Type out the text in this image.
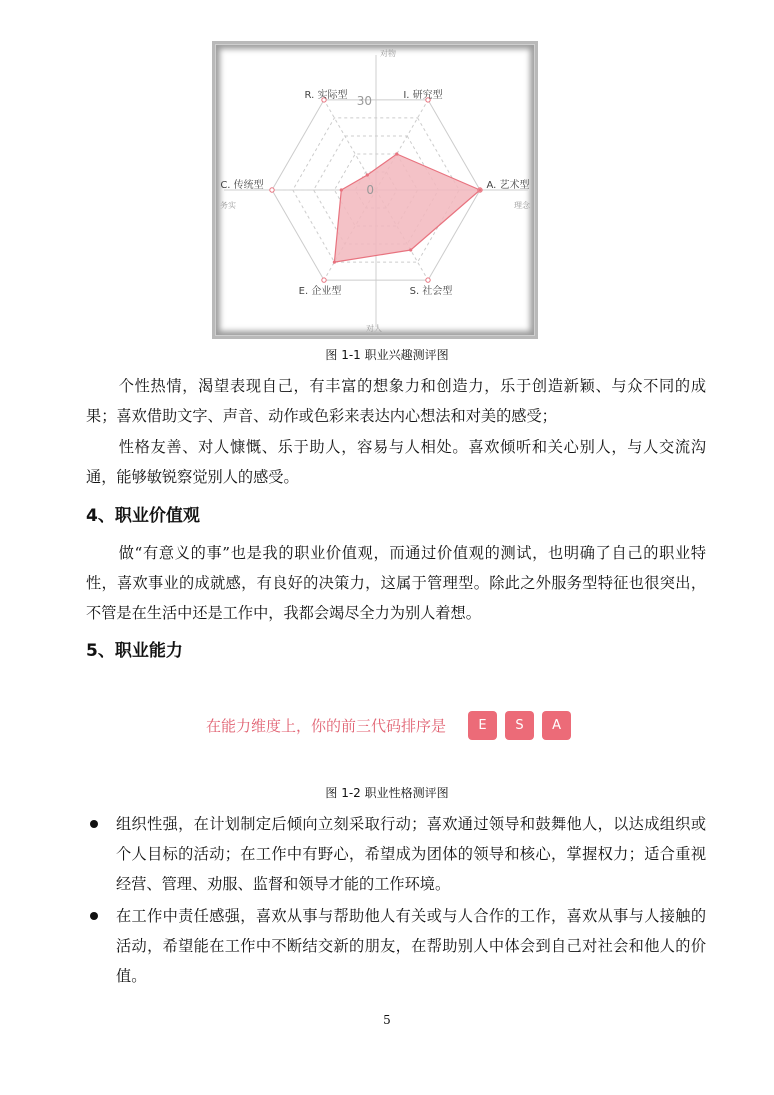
I. 研究型
A. 艺术型
S. 社会型
E. 企业型
C. 传统型
R. 实际型
对物
对人
务实	理念
30
0
图 1-1 职业兴趣测评图

个性热情，渴望表现自己，有丰富的想象力和创造力，乐于创造新颖、与众不同的成果；喜欢借助文字、声音、动作或色彩来表达内心想法和对美的感受；

性格友善、对人慷慨、乐于助人，容易与人相处。喜欢倾听和关心别人，与人交流沟通，能够敏锐察觉别人的感受。

4、职业价值观

做“有意义的事”也是我的职业价值观，而通过价值观的测试，也明确了自己的职业特性，喜欢事业的成就感，有良好的决策力，这属于管理型。除此之外服务型特征也很突出，不管是在生活中还是工作中，我都会竭尽全力为别人着想。

5、职业能力
在能力维度上，你的前三代码排序是	E	S	A
图 1-2 职业性格测评图
组织性强，在计划制定后倾向立刻采取行动；喜欢通过领导和鼓舞他人，以达成组织或个人目标的活动；在工作中有野心，希望成为团体的领导和核心，掌握权力；适合重视经营、管理、劝服、监督和领导才能的工作环境。
在工作中责任感强，喜欢从事与帮助他人有关或与人合作的工作，喜欢从事与人接触的活动，希望能在工作中不断结交新的朋友，在帮助别人中体会到自己对社会和他人的价值。
5
